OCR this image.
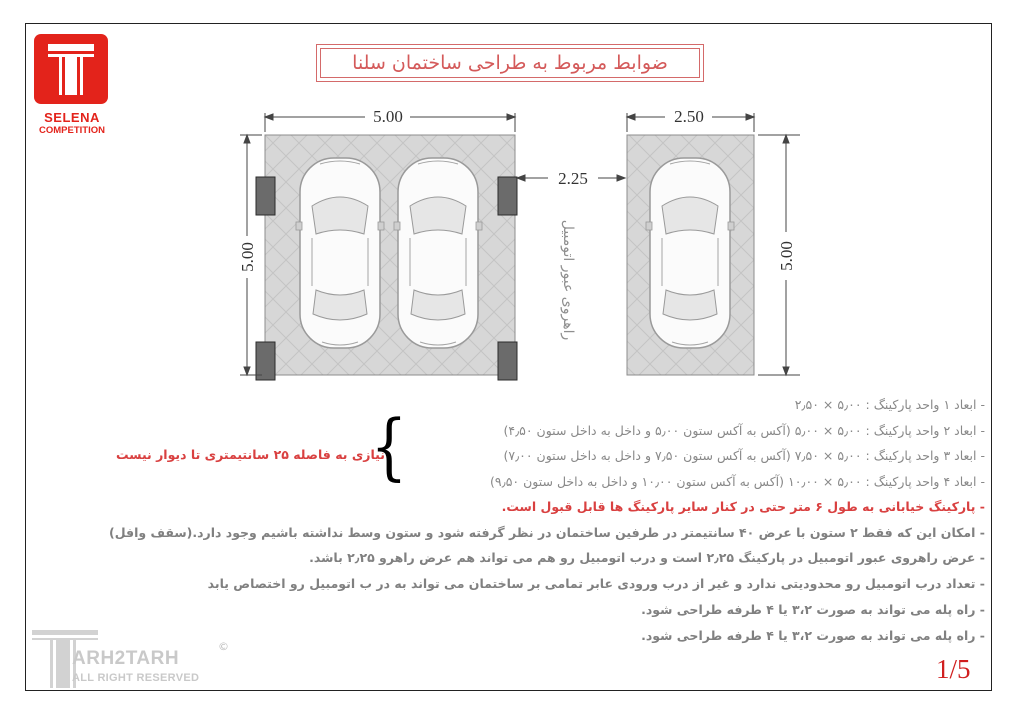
SELENA
COMPETITION
ضوابط مربوط به طراحی ساختمان سلنا
5.00	2.50
2.25
5.00	5.00
راهروی عبور اتومبیل
- ابعاد ۱ واحد پارکینگ : ۵٫۰۰ × ۲٫۵۰
- ابعاد ۲ واحد پارکینگ : ۵٫۰۰ × ۵٫۰۰ (آکس به آکس ستون ۵٫۰۰ و داخل به داخل ستون ۴٫۵۰)
- ابعاد ۳ واحد پارکینگ : ۵٫۰۰ × ۷٫۵۰ (آکس به آکس ستون ۷٫۵۰ و داخل به داخل ستون ۷٫۰۰)
- ابعاد ۴ واحد پارکینگ : ۵٫۰۰ × ۱۰٫۰۰ (آکس به آکس ستون ۱۰٫۰۰ و داخل به داخل ستون ۹٫۵۰)
- پارکینگ خیابانی به طول ۶ متر حتی در کنار سایر پارکینگ ها قابل قبول است.
- امکان این که فقط ۲ ستون با عرض ۴۰ سانتیمتر در طرفین ساختمان در نظر گرفته شود و ستون وسط نداشته باشیم وجود دارد.(سقف وافل)
- عرض راهروی عبور اتومبیل در پارکینگ ۲٫۲۵ است و درب اتومبیل رو هم می تواند هم عرض راهرو ۲٫۲۵ باشد.
- تعداد درب اتومبیل رو محدودیتی ندارد و غیر از درب ورودی عابر تمامی بر ساختمان می تواند به در ب اتومبیل رو اختصاص یابد
- راه پله می تواند به صورت ۳،۲ یا ۴ طرفه طراحی شود.
- راه پله می تواند به صورت ۳،۲ یا ۴ طرفه طراحی شود.
{
نیازی به فاصله ۲۵ سانتیمتری تا دیوار نیست
ARH2TARH
ALL RIGHT RESERVED
©
1/5
